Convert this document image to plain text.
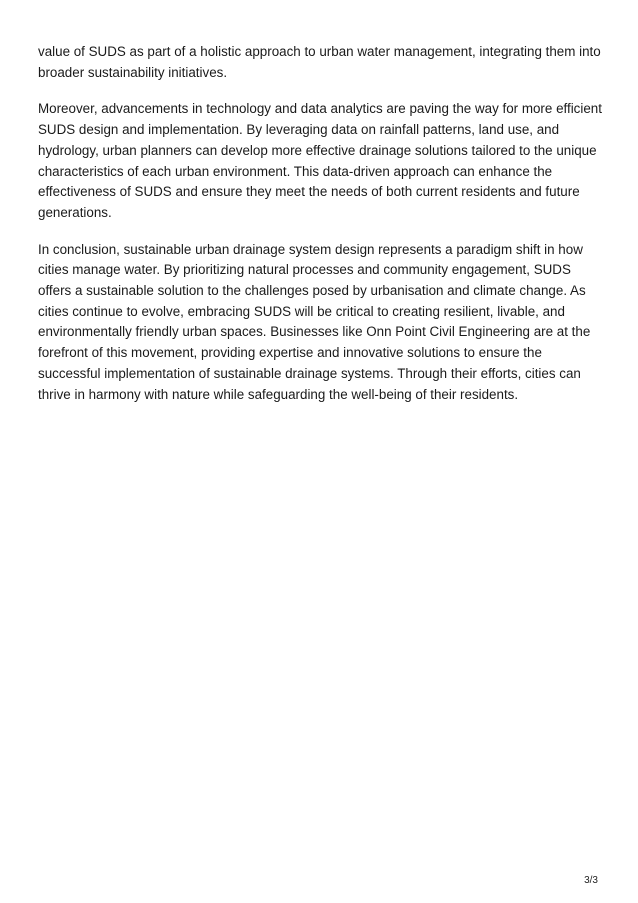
value of SUDS as part of a holistic approach to urban water management, integrating them into broader sustainability initiatives.

Moreover, advancements in technology and data analytics are paving the way for more efficient SUDS design and implementation. By leveraging data on rainfall patterns, land use, and hydrology, urban planners can develop more effective drainage solutions tailored to the unique characteristics of each urban environment. This data-driven approach can enhance the effectiveness of SUDS and ensure they meet the needs of both current residents and future generations.

In conclusion, sustainable urban drainage system design represents a paradigm shift in how cities manage water. By prioritizing natural processes and community engagement, SUDS offers a sustainable solution to the challenges posed by urbanisation and climate change. As cities continue to evolve, embracing SUDS will be critical to creating resilient, livable, and environmentally friendly urban spaces. Businesses like Onn Point Civil Engineering are at the forefront of this movement, providing expertise and innovative solutions to ensure the successful implementation of sustainable drainage systems. Through their efforts, cities can thrive in harmony with nature while safeguarding the well-being of their residents.

3/3
